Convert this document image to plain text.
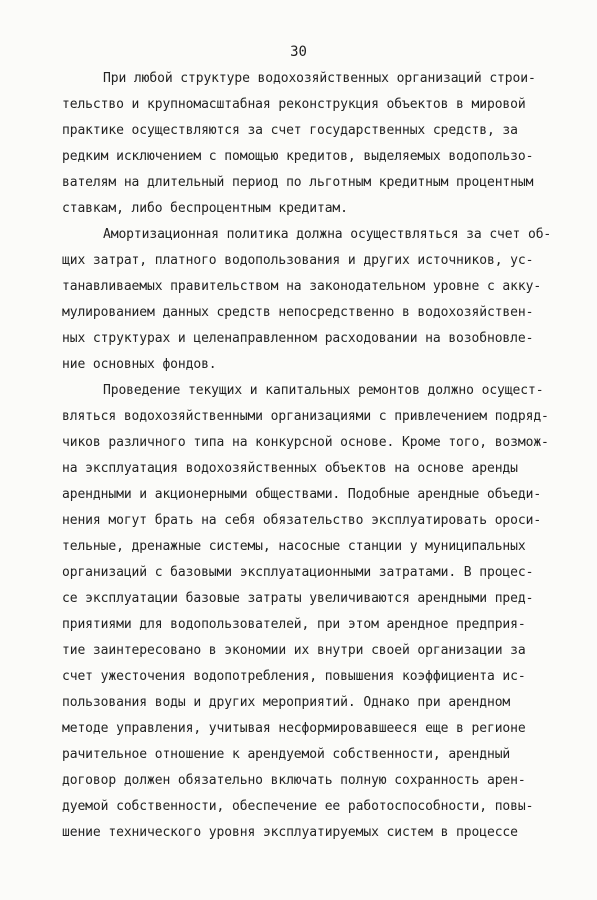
30
При любой структуре водохозяйственных организаций строи-
тельство и крупномасштабная реконструкция объектов в мировой
практике осуществляются за счет государственных средств, за
редким исключением с помощью кредитов, выделяемых водопользо-
вателям на длительный период по льготным кредитным процентным
ставкам, либо беспроцентным кредитам.
Амортизационная политика должна осуществляться за счет об-
щих затрат, платного водопользования и других источников, ус-
танавливаемых правительством на законодательном уровне с акку-
мулированием данных средств непосредственно в водохозяйствен-
ных структурах и целенаправленном расходовании на возобновле-
ние основных фондов.
Проведение текущих и капитальных ремонтов должно осущест-
вляться водохозяйственными организациями с привлечением подряд-
чиков различного типа на конкурсной основе. Кроме того, возмож-
на эксплуатация водохозяйственных объектов на основе аренды
арендными и акционерными обществами. Подобные арендные объеди-
нения могут брать на себя обязательство эксплуатировать ороси-
тельные, дренажные системы, насосные станции у муниципальных
организаций с базовыми эксплуатационными затратами. В процес-
се эксплуатации базовые затраты увеличиваются арендными пред-
приятиями для водопользователей, при этом арендное предприя-
тие заинтересовано в экономии их внутри своей организации за
счет ужесточения водопотребления, повышения коэффициента ис-
пользования воды и других мероприятий. Однако при арендном
методе управления, учитывая несформировавшееся еще в регионе
рачительное отношение к арендуемой собственности, арендный
договор должен обязательно включать полную сохранность арен-
дуемой собственности, обеспечение ее работоспособности, повы-
шение технического уровня эксплуатируемых систем в процессе
